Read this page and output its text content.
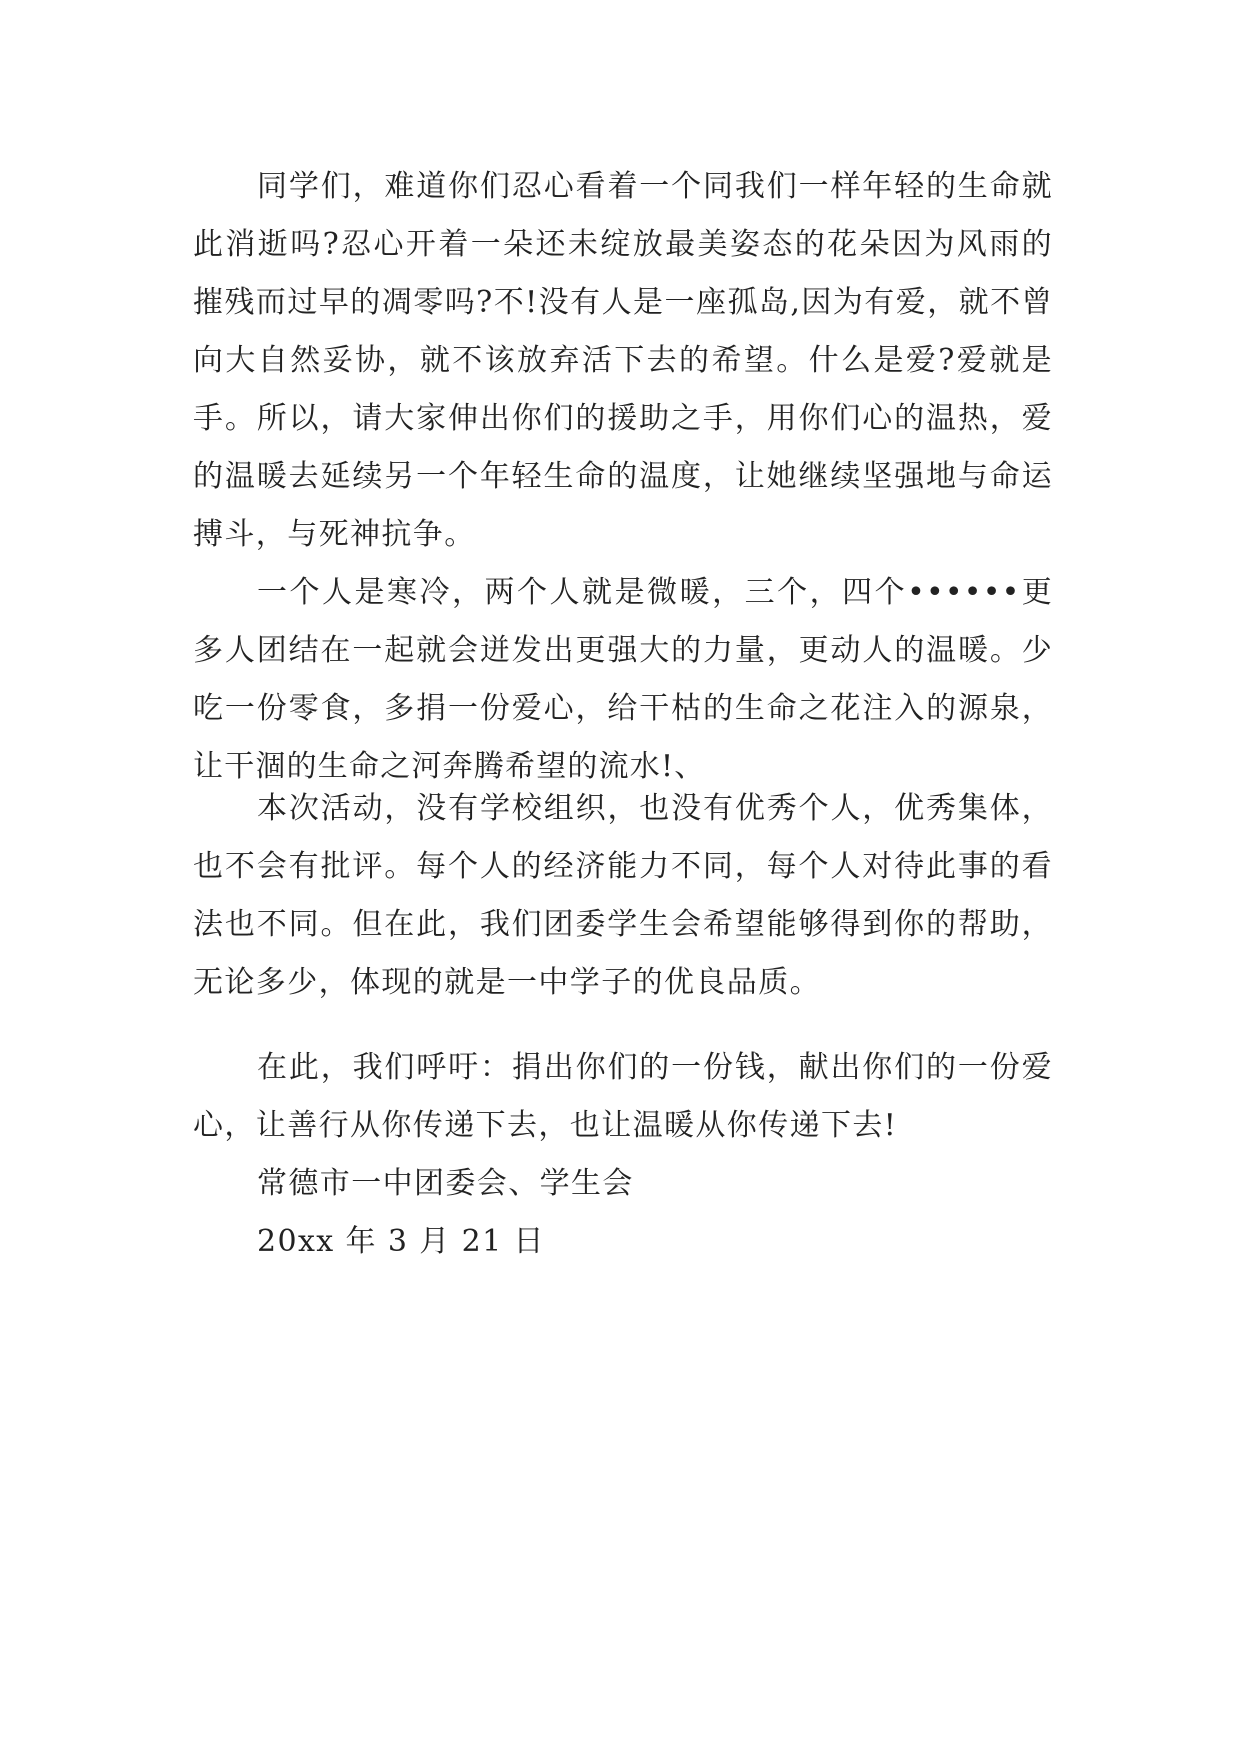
同学们，难道你们忍心看着一个同我们一样年轻的生命就此消逝吗?忍心开着一朵还未绽放最美姿态的花朵因为风雨的摧残而过早的凋零吗?不!没有人是一座孤岛,因为有爱，就不曾向大自然妥协，就不该放弃活下去的希望。什么是爱?爱就是手。所以，请大家伸出你们的援助之手，用你们心的温热，爱的温暖去延续另一个年轻生命的温度，让她继续坚强地与命运搏斗，与死神抗争。

一个人是寒冷，两个人就是微暖，三个，四个••••••更多人团结在一起就会迸发出更强大的力量，更动人的温暖。少吃一份零食，多捐一份爱心，给干枯的生命之花注入的源泉，让干涸的生命之河奔腾希望的流水!、

本次活动，没有学校组织，也没有优秀个人，优秀集体，也不会有批评。每个人的经济能力不同，每个人对待此事的看法也不同。但在此，我们团委学生会希望能够得到你的帮助，无论多少，体现的就是一中学子的优良品质。

在此，我们呼吁：捐出你们的一份钱，献出你们的一份爱心，让善行从你传递下去，也让温暖从你传递下去!

常德市一中团委会、学生会

20xx 年 3 月 21 日
